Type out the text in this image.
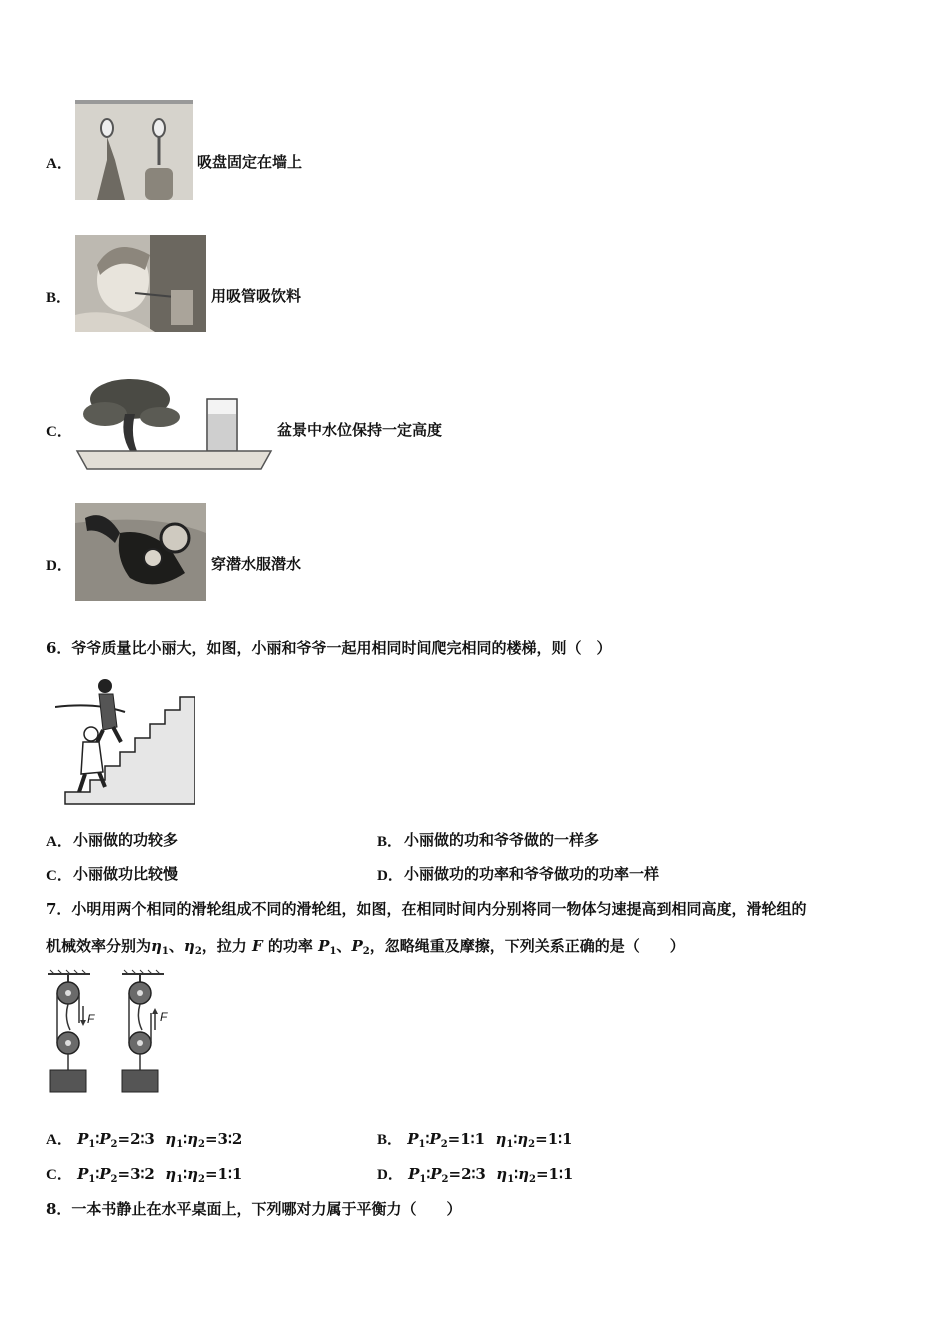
A．	吸盘固定在墙上
B．	用吸管吸饮料
C．	盆景中水位保持一定高度
D．	穿潜水服潜水
6．爷爷质量比小丽大，如图，小丽和爷爷一起用相同时间爬完相同的楼梯，则（　）
A． 小丽做的功较多	B． 小丽做的功和爷爷做的一样多
C． 小丽做功比较慢	D． 小丽做功的功率和爷爷做功的功率一样
7．小明用两个相同的滑轮组成不同的滑轮组，如图，在相同时间内分别将同一物体匀速提高到相同高度，滑轮组的
机械效率分别为$\eta_1$、$\eta_2$，拉力 F 的功率 $P_1$、$P_2$，忽略绳重及摩擦，下列关系正确的是（　　）
F	F
A． $P_1∶P_2=2∶3$ $\eta_1∶\eta_2=3∶2$	B． $P_1∶P_2=1∶1$ $\eta_1∶\eta_2=1∶1$
C． $P_1∶P_2=3∶2$ $\eta_1∶\eta_2=1∶1$	D． $P_1∶P_2=2∶3$ $\eta_1∶\eta_2=1∶1$
8．一本书静止在水平桌面上，下列哪对力属于平衡力（　　）
